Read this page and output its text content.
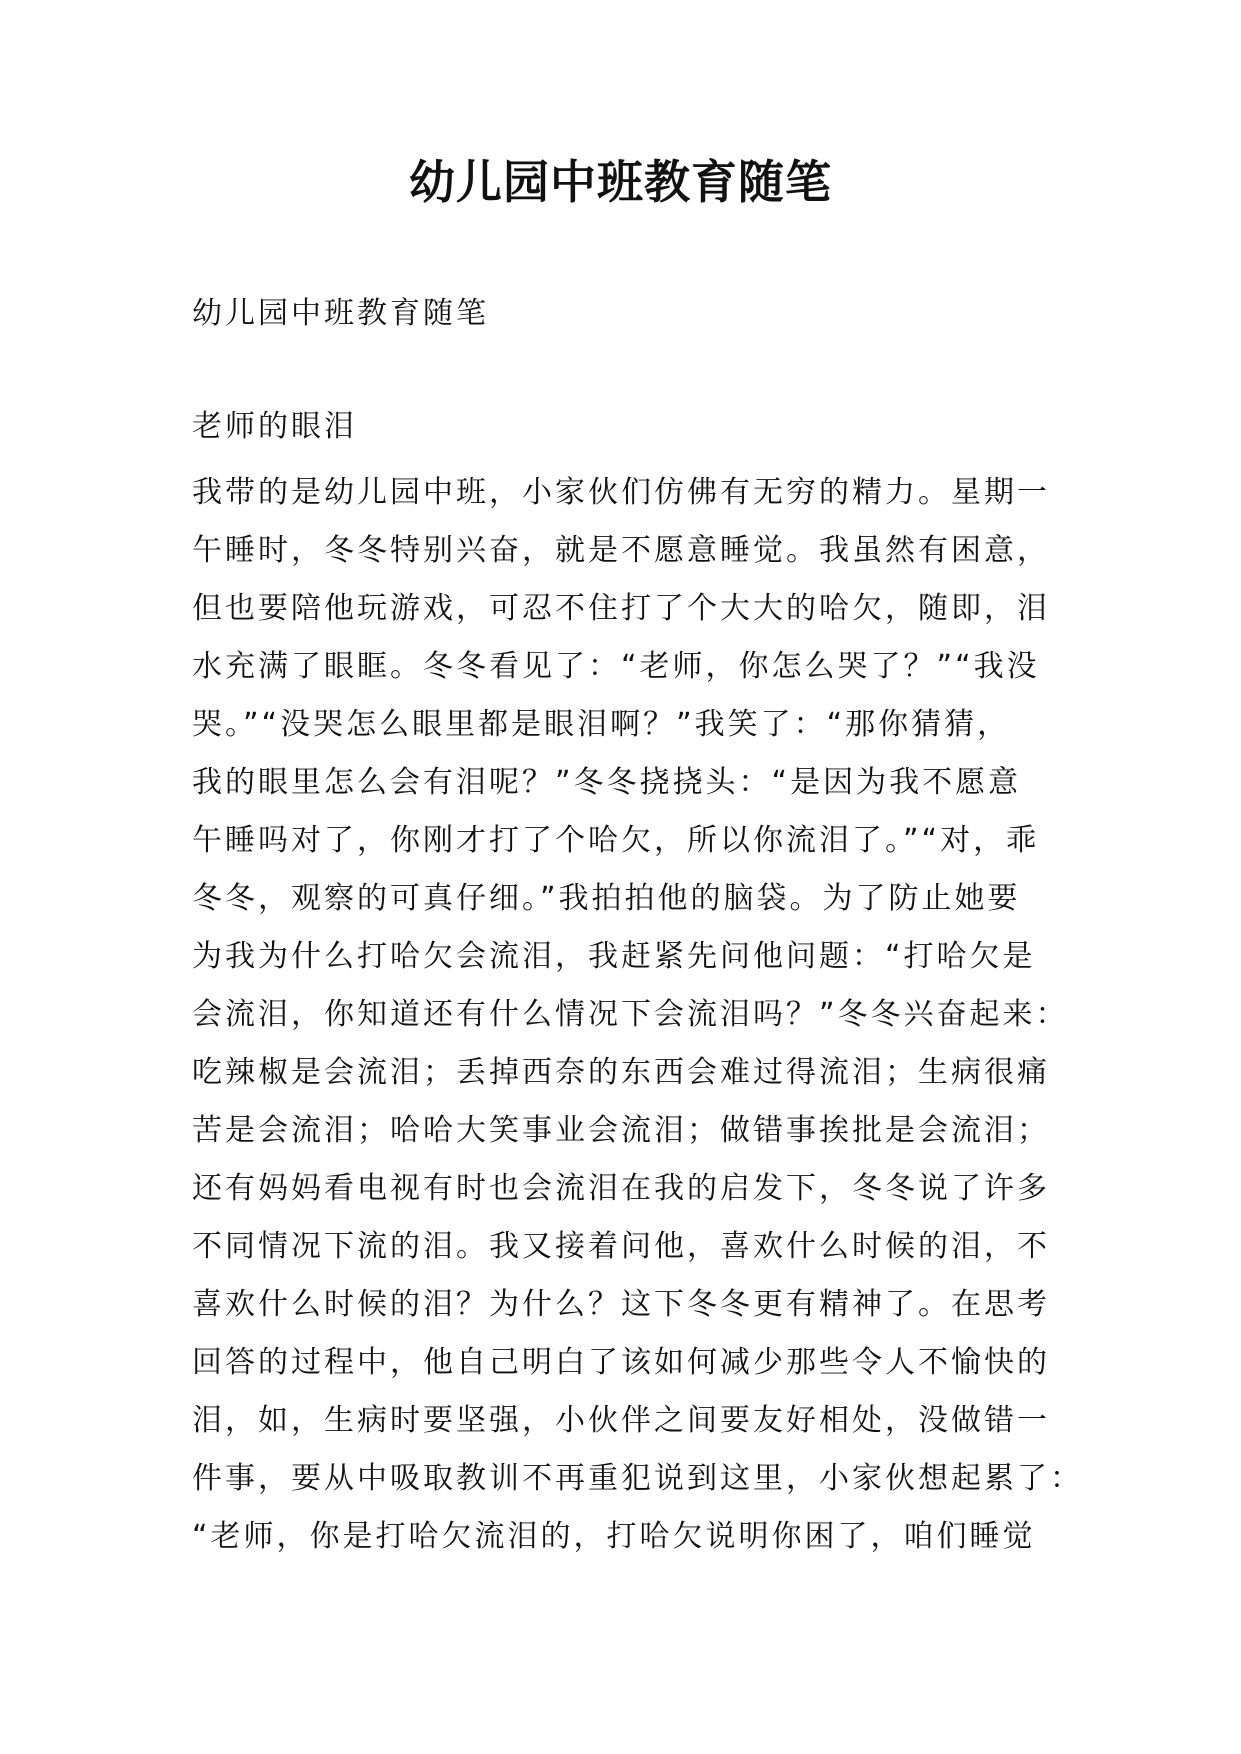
幼儿园中班教育随笔

幼儿园中班教育随笔

老师的眼泪

我带的是幼儿园中班，小家伙们仿佛有无穷的精力。星期一
午睡时，冬冬特别兴奋，就是不愿意睡觉。我虽然有困意，
但也要陪他玩游戏，可忍不住打了个大大的哈欠，随即，泪
水充满了眼眶。冬冬看见了：“老师，你怎么哭了？”“我没
哭。”“没哭怎么眼里都是眼泪啊？”我笑了：“那你猜猜，
我的眼里怎么会有泪呢？”冬冬挠挠头：“是因为我不愿意
午睡吗对了，你刚才打了个哈欠，所以你流泪了。”“对，乖
冬冬，观察的可真仔细。”我拍拍他的脑袋。为了防止她要
为我为什么打哈欠会流泪，我赶紧先问他问题：“打哈欠是
会流泪，你知道还有什么情况下会流泪吗？”冬冬兴奋起来：
吃辣椒是会流泪；丢掉西奈的东西会难过得流泪；生病很痛
苦是会流泪；哈哈大笑事业会流泪；做错事挨批是会流泪；
还有妈妈看电视有时也会流泪在我的启发下，冬冬说了许多
不同情况下流的泪。我又接着问他，喜欢什么时候的泪，不
喜欢什么时候的泪？为什么？这下冬冬更有精神了。在思考
回答的过程中，他自己明白了该如何减少那些令人不愉快的
泪，如，生病时要坚强，小伙伴之间要友好相处，没做错一
件事，要从中吸取教训不再重犯说到这里，小家伙想起累了：
“老师，你是打哈欠流泪的，打哈欠说明你困了，咱们睡觉
